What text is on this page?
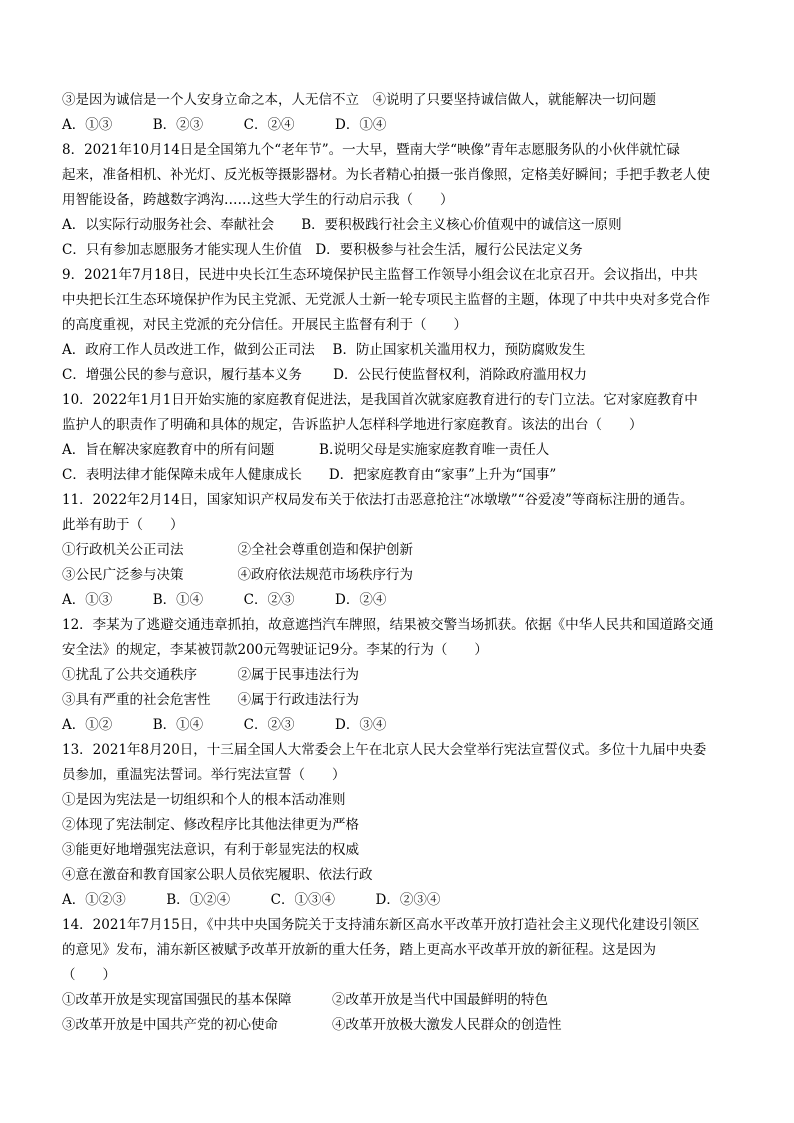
③是因为诚信是一个人安身立命之本，人无信不立　④说明了只要坚持诚信做人，就能解决一切问题
A．①③　　　B．②③　　　C．②④　　　D．①④
8．2021年10月14日是全国第九个“老年节”。一大早，暨南大学“映像”青年志愿服务队的小伙伴就忙碌
起来，准备相机、补光灯、反光板等摄影器材。为长者精心拍摄一张肖像照，定格美好瞬间；手把手教老人使
用智能设备，跨越数字鸿沟……这些大学生的行动启示我（　　）
A．以实际行动服务社会、奉献社会　　B．要积极践行社会主义核心价值观中的诚信这一原则
C．只有参加志愿服务才能实现人生价值　D．要积极参与社会生活，履行公民法定义务
9．2021年7月18日，民进中央长江生态环境保护民主监督工作领导小组会议在北京召开。会议指出，中共
中央把长江生态环境保护作为民主党派、无党派人士新一轮专项民主监督的主题，体现了中共中央对多党合作
的高度重视，对民主党派的充分信任。开展民主监督有利于（　　）
A．政府工作人员改进工作，做到公正司法　 B．防止国家机关滥用权力，预防腐败发生
C．增强公民的参与意识，履行基本义务　　 D．公民行使监督权利，消除政府滥用权力
10．2022年1月1日开始实施的家庭教育促进法，是我国首次就家庭教育进行的专门立法。它对家庭教育中
监护人的职责作了明确和具体的规定，告诉监护人怎样科学地进行家庭教育。该法的出台（　　）
A．旨在解决家庭教育中的所有问题　　　 B.说明父母是实施家庭教育唯一责任人
C．表明法律才能保障未成年人健康成长　　D．把家庭教育由“家事”上升为“国事”
11．2022年2月14日，国家知识产权局发布关于依法打击恶意抢注“冰墩墩”“谷爱凌”等商标注册的通告。
此举有助于（　　）
①行政机关公正司法　　　　②全社会尊重创造和保护创新
③公民广泛参与决策　　　　④政府依法规范市场秩序行为
A．①③　　　B．①④　　　C．②③　　　D．②④
12．李某为了逃避交通违章抓拍，故意遮挡汽车牌照，结果被交警当场抓获。依据《中华人民共和国道路交通
安全法》的规定，李某被罚款200元驾驶证记9分。李某的行为（　　）
①扰乱了公共交通秩序　　　②属于民事违法行为
③具有严重的社会危害性　　④属于行政违法行为
A．①②　　　B．①④　　　C．②③　　　D．③④
13．2021年8月20日，十三届全国人大常委会上午在北京人民大会堂举行宪法宣誓仪式。多位十九届中央委
员参加，重温宪法誓词。举行宪法宣誓（　　）
①是因为宪法是一切组织和个人的根本活动准则
②体现了宪法制定、修改程序比其他法律更为严格
③能更好地增强宪法意识，有利于彰显宪法的权威
④意在激奋和教育国家公职人员依宪履职、依法行政
A．①②③　　　B．①②④　　　C．①③④　　　D．②③④
14．2021年7月15日，《中共中央国务院关于支持浦东新区高水平改革开放打造社会主义现代化建设引领区
的意见》发布，浦东新区被赋予改革开放新的重大任务，踏上更高水平改革开放的新征程。这是因为
（　　）
①改革开放是实现富国强民的基本保障　　　②改革开放是当代中国最鲜明的特色
③改革开放是中国共产党的初心使命　　　　④改革开放极大激发人民群众的创造性
